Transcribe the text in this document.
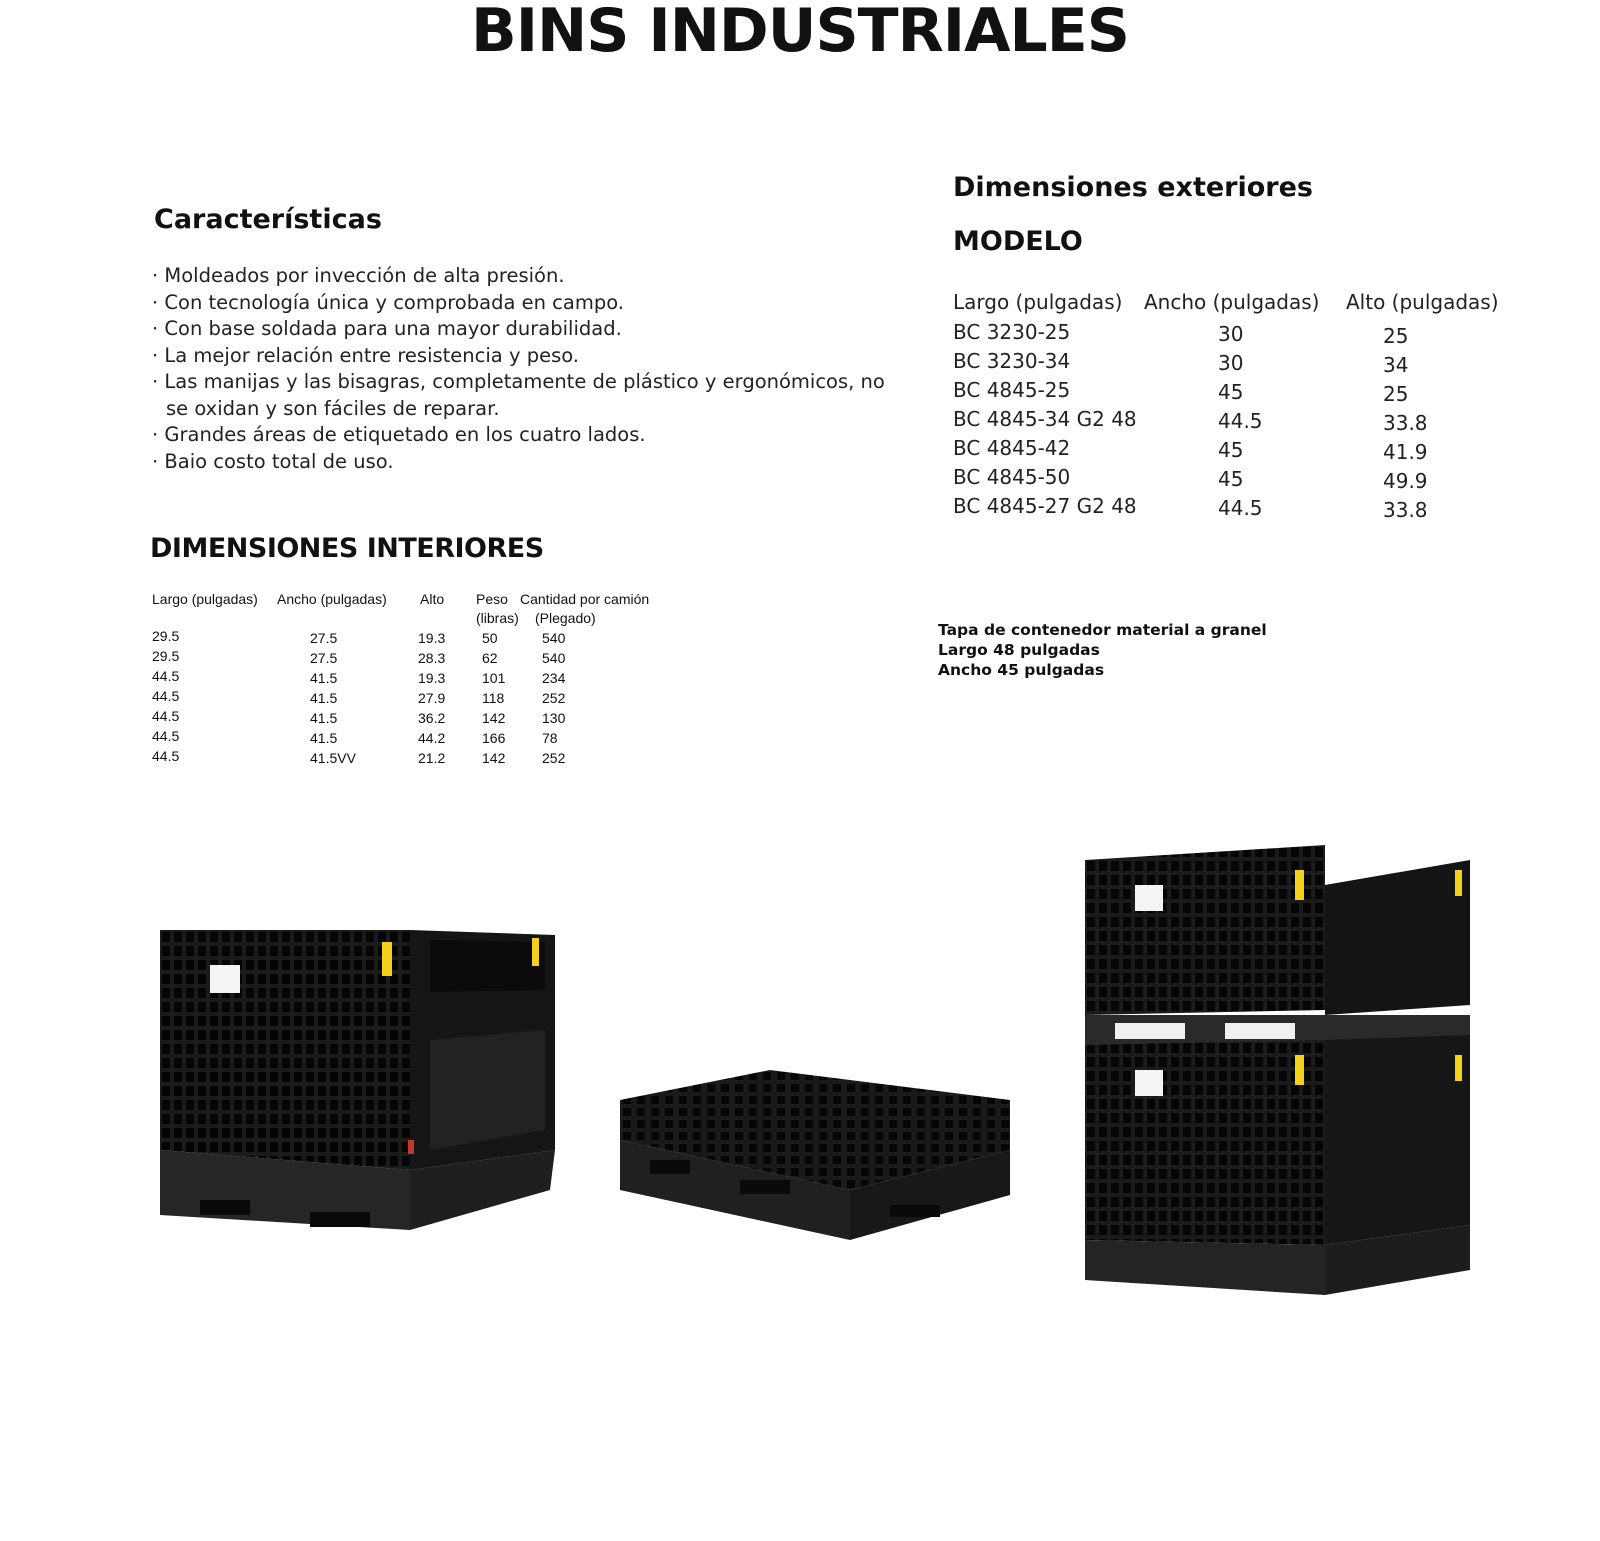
BINS INDUSTRIALES
Características
· Moldeados por invección de alta presión.
· Con tecnología única y comprobada en campo.
· Con base soldada para una mayor durabilidad.
· La mejor relación entre resistencia y peso.
· Las manijas y las bisagras, completamente de plástico y ergonómicos, no se oxidan y son fáciles de reparar.
· Grandes áreas de etiquetado en los cuatro lados.
· Baio costo total de uso.
DIMENSIONES INTERIORES
Largo (pulgadas) Ancho (pulgadas) Alto Peso
(libras)
Cantidad por camión
(Plegado)
29.5	27.5	19.3	50	540
29.5	27.5	28.3	62	540
44.5	41.5	19.3	101	234
44.5	41.5	27.9	118	252
44.5	41.5	36.2	142	130
44.5	41.5	44.2	166	78
44.5	41.5VV	21.2	142	252
Dimensiones exteriores
MODELO
Largo (pulgadas) Ancho (pulgadas) Alto (pulgadas)
BC 3230-25	30	25
BC 3230-34	30	34
BC 4845-25	45	25
BC 4845-34 G2 48	44.5	33.8
BC 4845-42	45	41.9
BC 4845-50	45	49.9
BC 4845-27 G2 48	44.5	33.8
Tapa de contenedor material a granel
Largo 48 pulgadas
Ancho 45 pulgadas
